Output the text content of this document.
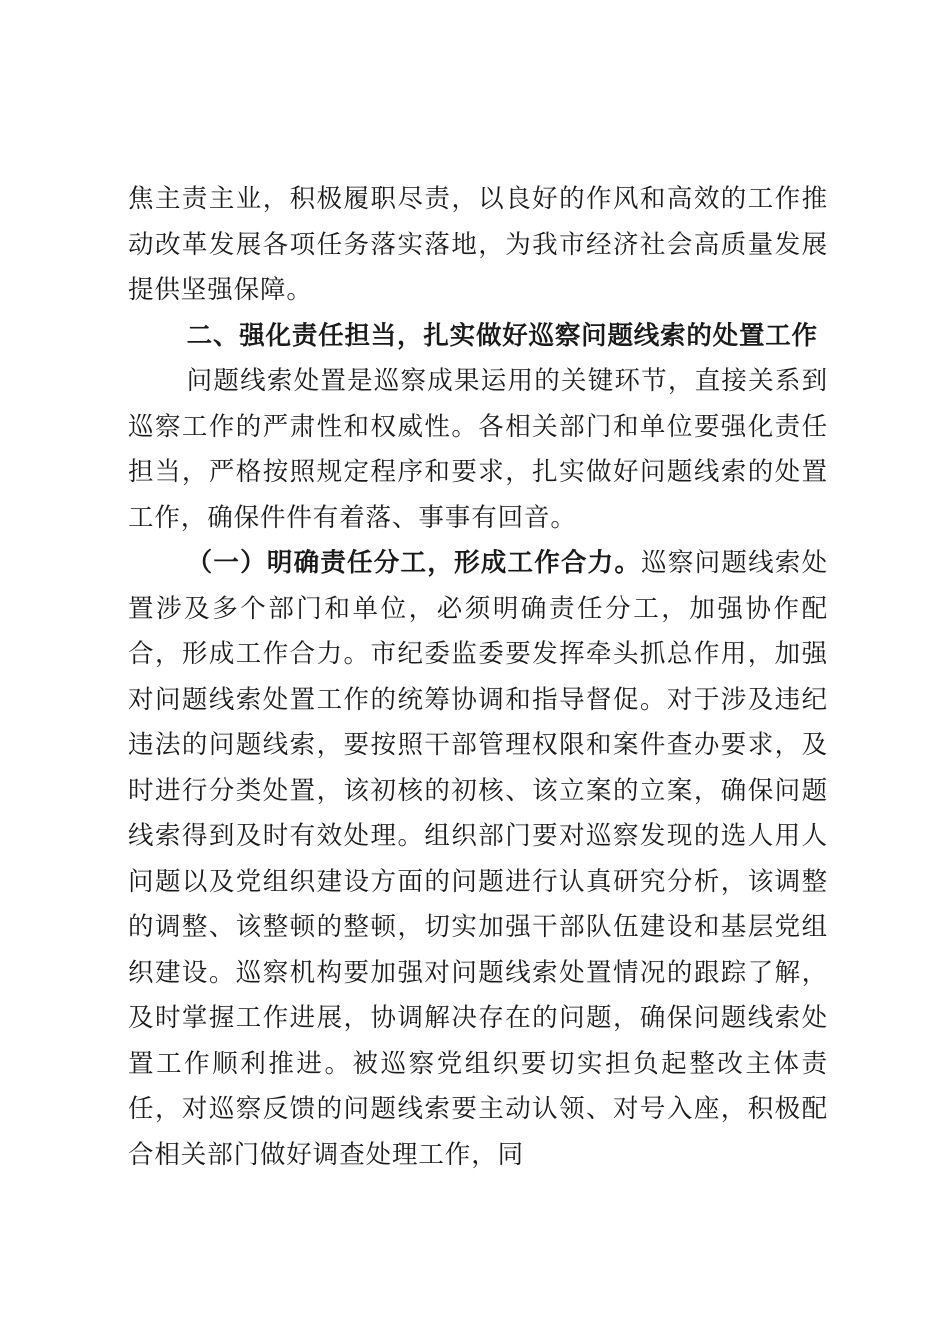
焦主责主业，积极履职尽责，以良好的作风和高效的工作推动改革发展各项任务落实落地，为我市经济社会高质量发展提供坚强保障。

二、强化责任担当，扎实做好巡察问题线索的处置工作

问题线索处置是巡察成果运用的关键环节，直接关系到巡察工作的严肃性和权威性。各相关部门和单位要强化责任担当，严格按照规定程序和要求，扎实做好问题线索的处置工作，确保件件有着落、事事有回音。

（一）明确责任分工，形成工作合力。巡察问题线索处置涉及多个部门和单位，必须明确责任分工，加强协作配合，形成工作合力。市纪委监委要发挥牵头抓总作用，加强对问题线索处置工作的统筹协调和指导督促。对于涉及违纪违法的问题线索，要按照干部管理权限和案件查办要求，及时进行分类处置，该初核的初核、该立案的立案，确保问题线索得到及时有效处理。组织部门要对巡察发现的选人用人问题以及党组织建设方面的问题进行认真研究分析，该调整的调整、该整顿的整顿，切实加强干部队伍建设和基层党组织建设。巡察机构要加强对问题线索处置情况的跟踪了解，及时掌握工作进展，协调解决存在的问题，确保问题线索处置工作顺利推进。被巡察党组织要切实担负起整改主体责任，对巡察反馈的问题线索要主动认领、对号入座，积极配合相关部门做好调查处理工作，同
